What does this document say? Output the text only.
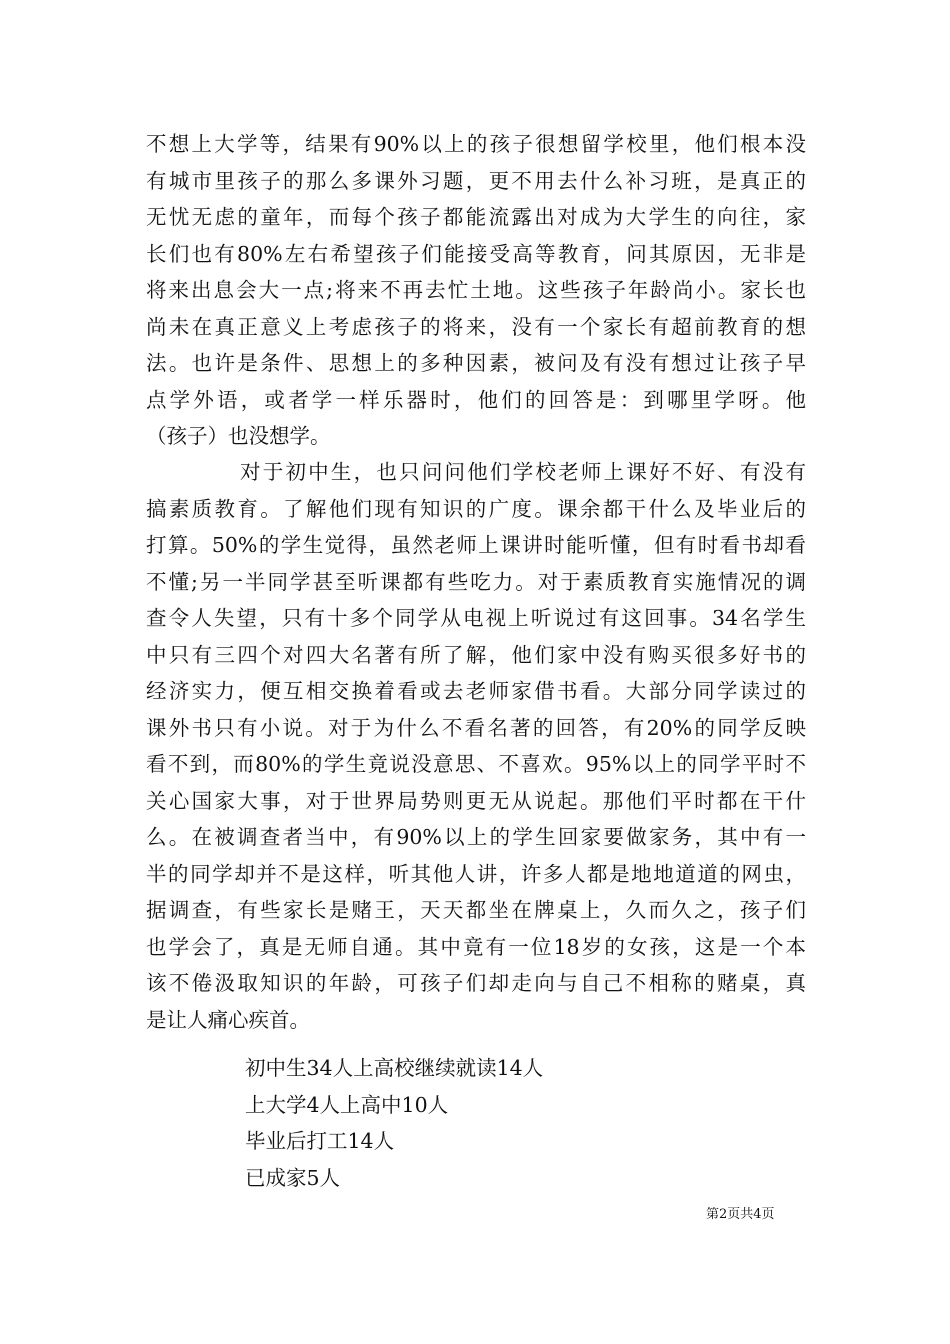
不想上大学等，结果有90%以上的孩子很想留学校里，他们根本没
有城市里孩子的那么多课外习题，更不用去什么补习班，是真正的
无忧无虑的童年，而每个孩子都能流露出对成为大学生的向往，家
长们也有80%左右希望孩子们能接受高等教育，问其原因，无非是
将来出息会大一点;将来不再去忙土地。这些孩子年龄尚小。家长也
尚未在真正意义上考虑孩子的将来，没有一个家长有超前教育的想
法。也许是条件、思想上的多种因素，被问及有没有想过让孩子早
点学外语，或者学一样乐器时，他们的回答是：到哪里学呀。他
（孩子）也没想学。
对于初中生，也只问问他们学校老师上课好不好、有没有
搞素质教育。了解他们现有知识的广度。课余都干什么及毕业后的
打算。50%的学生觉得，虽然老师上课讲时能听懂，但有时看书却看
不懂;另一半同学甚至听课都有些吃力。对于素质教育实施情况的调
查令人失望，只有十多个同学从电视上听说过有这回事。34名学生
中只有三四个对四大名著有所了解，他们家中没有购买很多好书的
经济实力，便互相交换着看或去老师家借书看。大部分同学读过的
课外书只有小说。对于为什么不看名著的回答，有20%的同学反映
看不到，而80%的学生竟说没意思、不喜欢。95%以上的同学平时不
关心国家大事，对于世界局势则更无从说起。那他们平时都在干什
么。在被调查者当中，有90%以上的学生回家要做家务，其中有一
半的同学却并不是这样，听其他人讲，许多人都是地地道道的网虫，
据调查，有些家长是赌王，天天都坐在牌桌上，久而久之，孩子们
也学会了，真是无师自通。其中竟有一位18岁的女孩，这是一个本
该不倦汲取知识的年龄，可孩子们却走向与自己不相称的赌桌，真
是让人痛心疾首。
初中生34人上高校继续就读14人
上大学4人上高中10人
毕业后打工14人
已成家5人
第2页共4页
